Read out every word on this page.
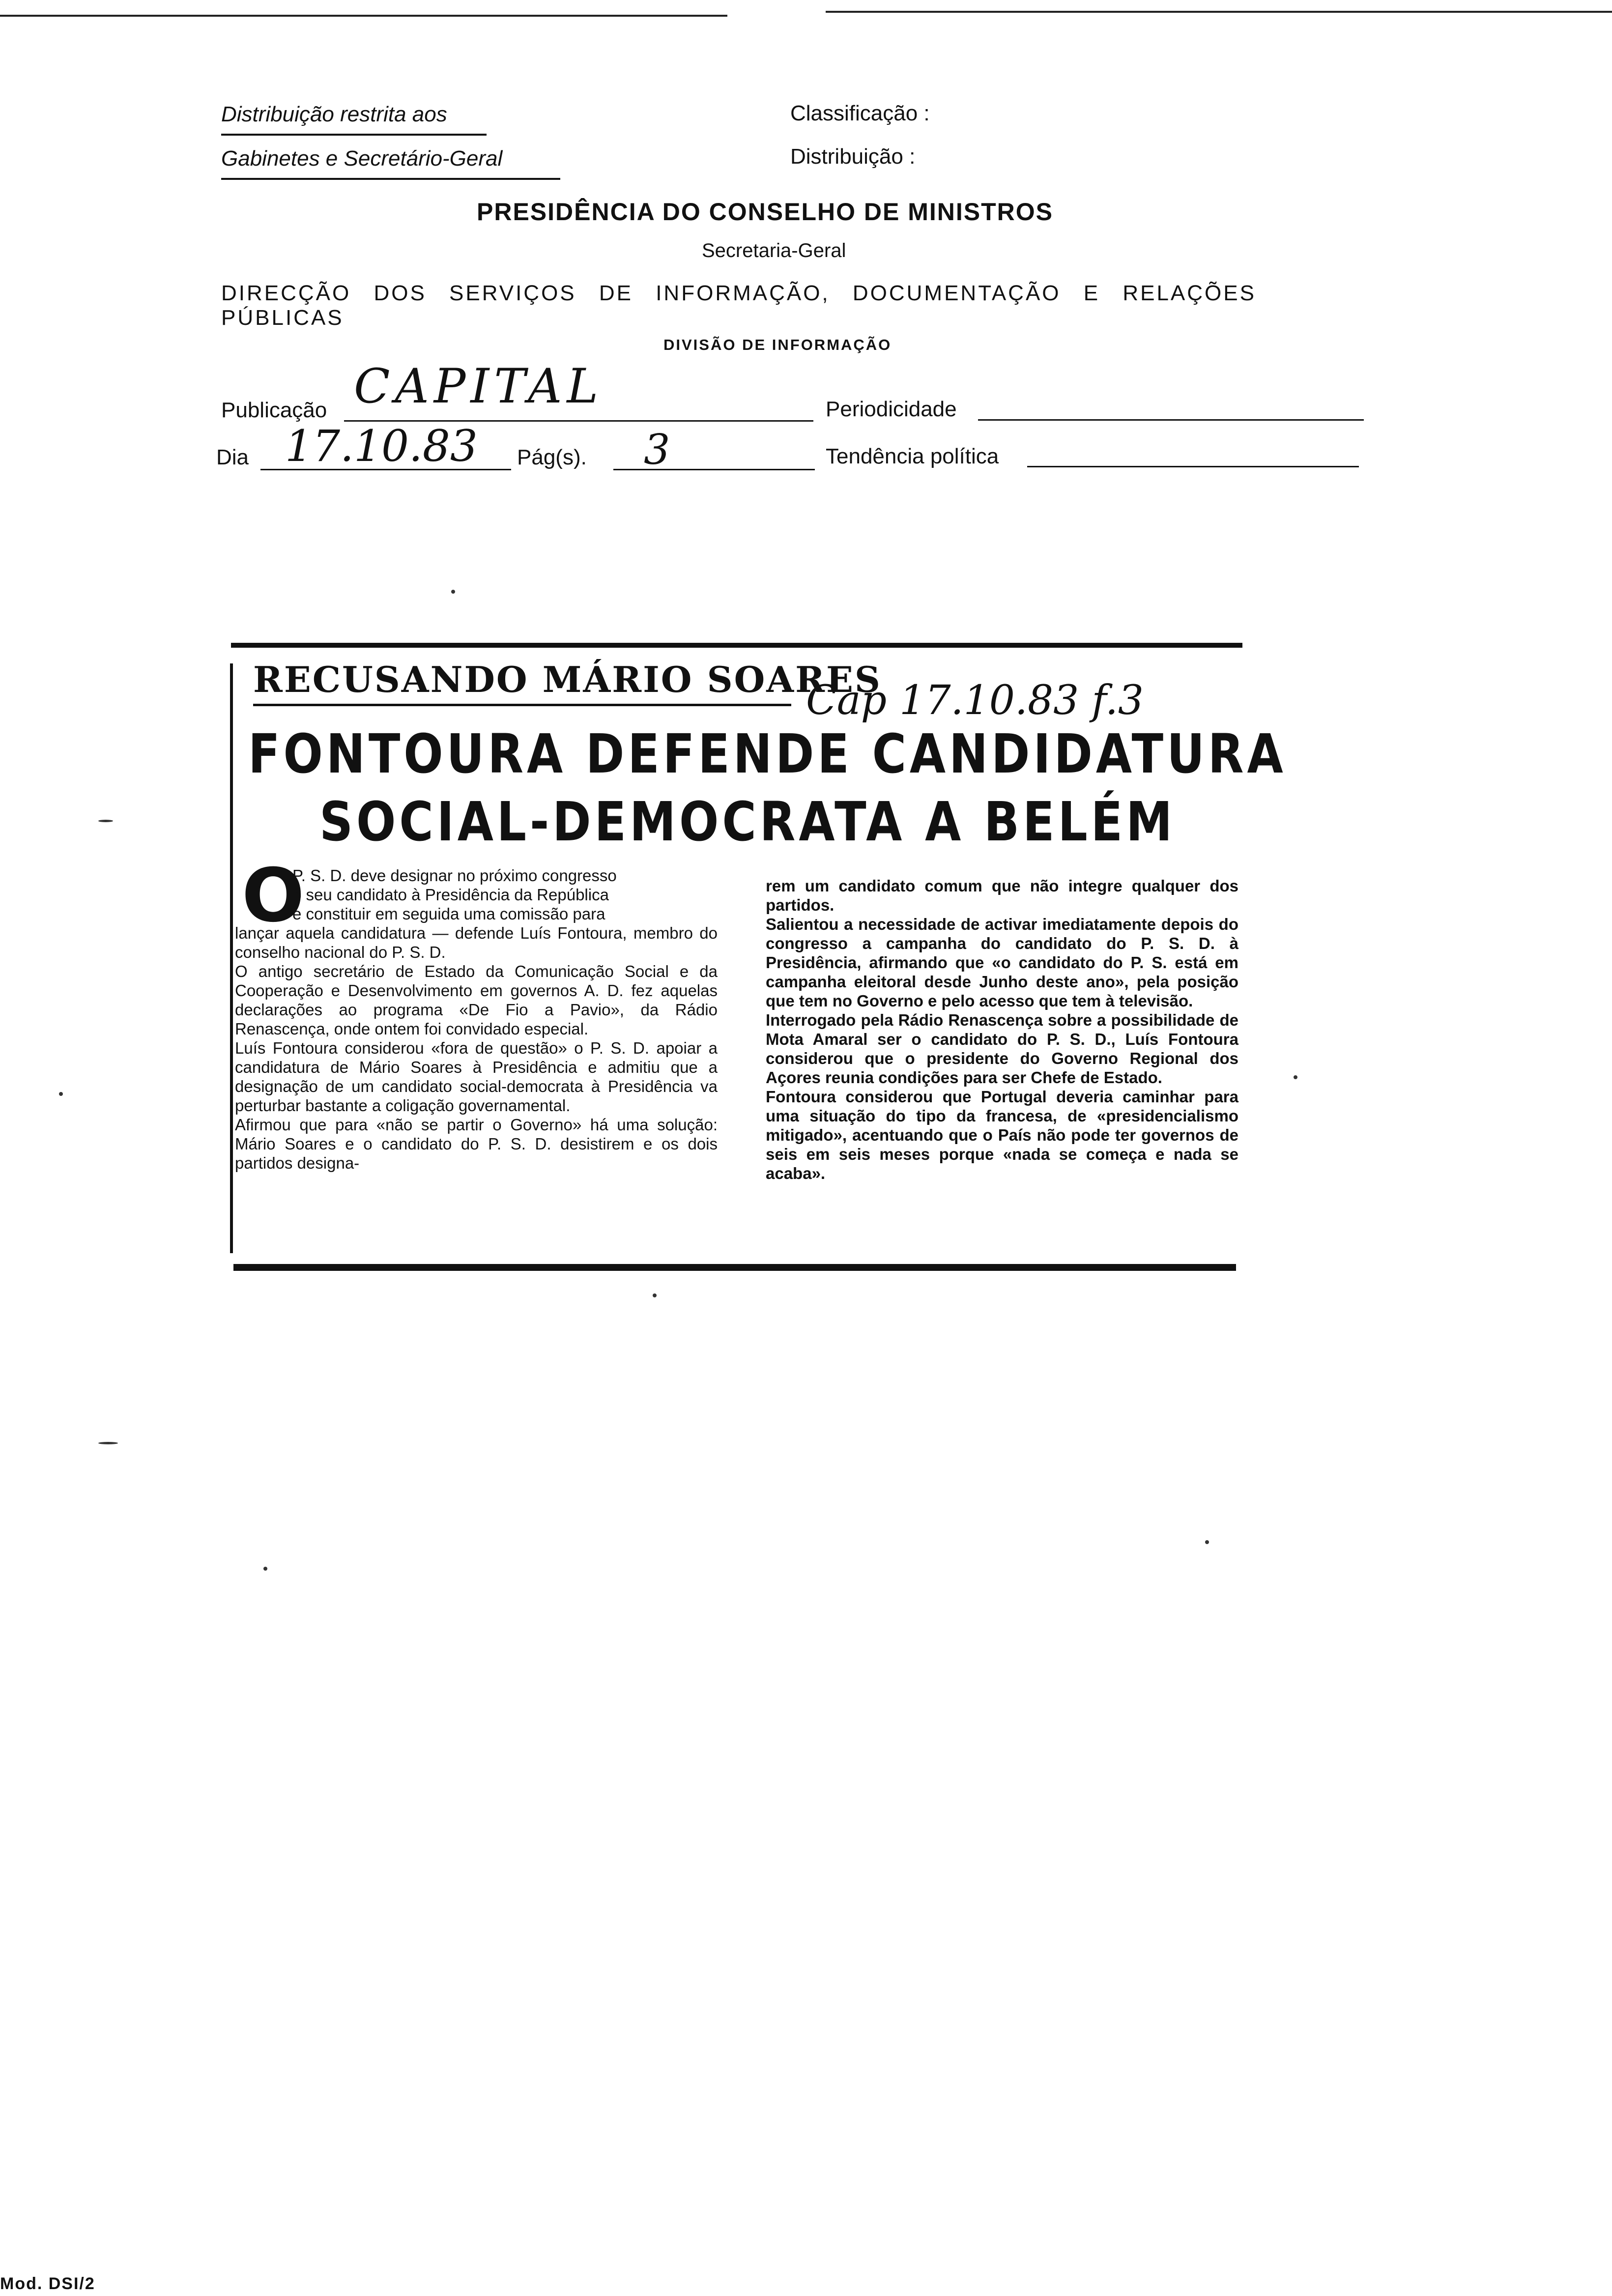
Distribuição restrita aos
Gabinetes e Secretário-Geral
Classificação :
Distribuição :
PRESIDÊNCIA DO CONSELHO DE MINISTROS
Secretaria-Geral
DIRECÇÃO DOS SERVIÇOS DE INFORMAÇÃO, DOCUMENTAÇÃO E RELAÇÕES PÚBLICAS
DIVISÃO DE INFORMAÇÃO
Publicação CAPITAL	Periodicidade
Dia 17.10.83 Pág(s). 3	Tendência política
RECUSANDO MÁRIO SOARES
Cap 17.10.83 f.3
FONTOURA DEFENDE CANDIDATURA
SOCIAL-DEMOCRATA A BELÉM
O
P. S. D. deve designar no próximo congresso
o seu candidato à Presidência da República
e constituir em seguida uma comissão para
lançar aquela candidatura — defende Luís Fontoura, membro do conselho nacional do P. S. D.
O antigo secretário de Estado da Comunicação Social e da Cooperação e Desenvolvimento em governos A. D. fez aquelas declarações ao programa «De Fio a Pavio», da Rádio Renascença, onde ontem foi convidado especial.
Luís Fontoura considerou «fora de questão» o P. S. D. apoiar a candidatura de Mário Soares à Presidência e admitiu que a designação de um candidato social-democrata à Presidência va perturbar bastante a coligação governamental.
Afirmou que para «não se partir o Governo» há uma solução: Mário Soares e o candidato do P. S. D. desistirem e os dois partidos designa-
rem um candidato comum que não integre qualquer dos partidos.
Salientou a necessidade de activar imediatamente depois do congresso a campanha do candidato do P. S. D. à Presidência, afirmando que «o candidato do P. S. está em campanha eleitoral desde Junho deste ano», pela posição que tem no Governo e pelo acesso que tem à televisão.
Interrogado pela Rádio Renascença sobre a possibilidade de Mota Amaral ser o candidato do P. S. D., Luís Fontoura considerou que o presidente do Governo Regional dos Açores reunia condições para ser Chefe de Estado.
Fontoura considerou que Portugal deveria caminhar para uma situação do tipo da francesa, de «presidencialismo mitigado», acentuando que o País não pode ter governos de seis em seis meses porque «nada se começa e nada se acaba».
Mod. DSI/2
